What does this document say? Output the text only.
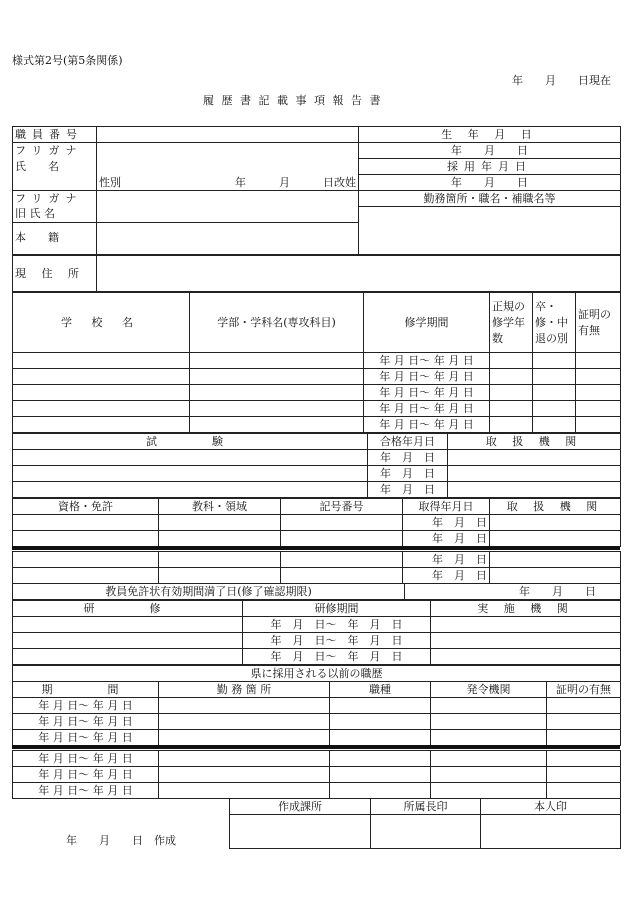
様式第2号(第5条関係)
年　　月　　日現在
履 歴 書 記 載 事 項 報 告 書
職員番号		生 年 月 日
フリガナ	性別 年　　　月　　　日改姓	年　　月　　日
氏　　名		採用年月日
		年　　月　　日
フリガナ		勤務箇所・職名・補職名等
旧 氏 名		
本　　籍		
現 住 所	
学 校 名	学部・学科名(専攻科目)	修学期間	正規の修学年数	卒・修・中退の別	証明の有無
		年 月 日〜 年 月 日			
		年 月 日〜 年 月 日			
		年 月 日〜 年 月 日			
		年 月 日〜 年 月 日			
		年 月 日〜 年 月 日			
試　　験	合格年月日	取 扱 機 関
	年　月　日	
	年　月　日	
	年　月　日	
資格・免許	教科・領域	記号番号	取得年月日	取 扱 機 関
			年　月　日	
			年　月　日	
			年　月　日	
			年　月　日	
教員免許状有効期間満了日(修了確認期限)	年　　月　　日
研　　修	研修期間	実 施 機 関
	年　月　日〜　年　月　日	
	年　月　日〜　年　月　日	
	年　月　日〜　年　月　日	
県に採用される以前の職歴
期　　間	勤 務 箇 所	職種	発令機関	証明の有無
年 月 日〜 年 月 日				
年 月 日〜 年 月 日				
年 月 日〜 年 月 日				
年 月 日〜 年 月 日				
年 月 日〜 年 月 日				
年 月 日〜 年 月 日				
年　　月　　日　作成
作成課所	所属長印	本人印
